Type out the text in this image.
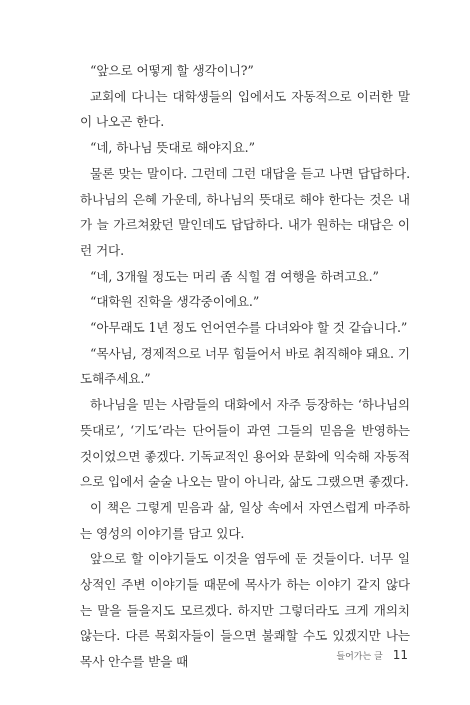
“앞으로 어떻게 할 생각이니?”

교회에 다니는 대학생들의 입에서도 자동적으로 이러한 말이 나오곤 한다.

“네, 하나님 뜻대로 해야지요.”

물론 맞는 말이다. 그런데 그런 대답을 듣고 나면 답답하다. 하나님의 은혜 가운데, 하나님의 뜻대로 해야 한다는 것은 내가 늘 가르쳐왔던 말인데도 답답하다. 내가 원하는 대답은 이런 거다.

“네, 3개월 정도는 머리 좀 식힐 겸 여행을 하려고요.”

“대학원 진학을 생각중이에요.”

“아무래도 1년 정도 언어연수를 다녀와야 할 것 같습니다.”

“목사님, 경제적으로 너무 힘들어서 바로 취직해야 돼요. 기도해주세요.”

하나님을 믿는 사람들의 대화에서 자주 등장하는 ‘하나님의 뜻대로’, ‘기도’라는 단어들이 과연 그들의 믿음을 반영하는 것이었으면 좋겠다. 기독교적인 용어와 문화에 익숙해 자동적으로 입에서 술술 나오는 말이 아니라, 삶도 그랬으면 좋겠다.

이 책은 그렇게 믿음과 삶, 일상 속에서 자연스럽게 마주하는 영성의 이야기를 담고 있다.

앞으로 할 이야기들도 이것을 염두에 둔 것들이다. 너무 일상적인 주변 이야기들 때문에 목사가 하는 이야기 같지 않다는 말을 들을지도 모르겠다. 하지만 그렇더라도 크게 개의치 않는다. 다른 목회자들이 들으면 불쾌할 수도 있겠지만 나는 목사 안수를 받을 때	들어가는 글 11
